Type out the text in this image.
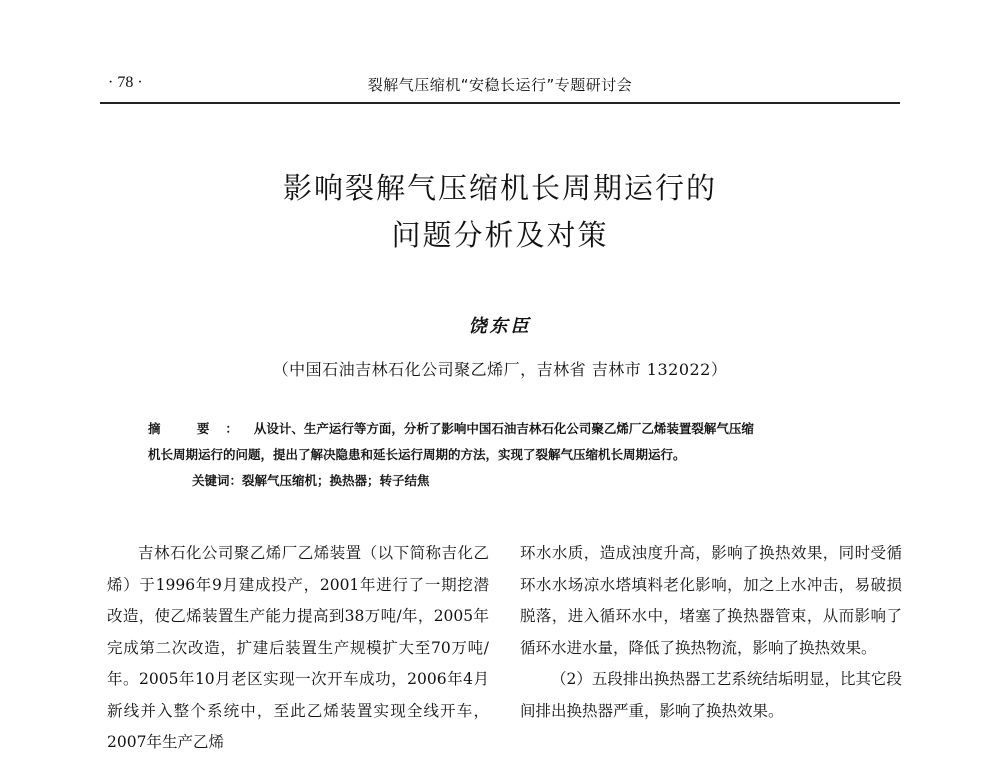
· 78 ·	裂解气压缩机“安稳长运行”专题研讨会
影响裂解气压缩机长周期运行的
问题分析及对策
饶东臣
（中国石油吉林石化公司聚乙烯厂，吉林省 吉林市 132022）
摘 要：从设计、生产运行等方面，分析了影响中国石油吉林石化公司聚乙烯厂乙烯装置裂解气压缩
机长周期运行的问题，提出了解决隐患和延长运行周期的方法，实现了裂解气压缩机长周期运行。
关键词：裂解气压缩机；换热器；转子结焦

吉林石化公司聚乙烯厂乙烯装置（以下简称吉化乙烯）于1996年9月建成投产，2001年进行了一期挖潜改造，使乙烯装置生产能力提高到38万吨/年，2005年完成第二次改造，扩建后装置生产规模扩大至70万吨/年。2005年10月老区实现一次开车成功，2006年4月新线并入整个系统中，至此乙烯装置实现全线开车，2007年生产乙烯

环水水质，造成浊度升高，影响了换热效果，同时受循环水水场凉水塔填料老化影响，加之上水冲击，易破损脱落，进入循环水中，堵塞了换热器管束，从而影响了循环水进水量，降低了换热物流，影响了换热效果。

（2）五段排出换热器工艺系统结垢明显，比其它段间排出换热器严重，影响了换热效果。
